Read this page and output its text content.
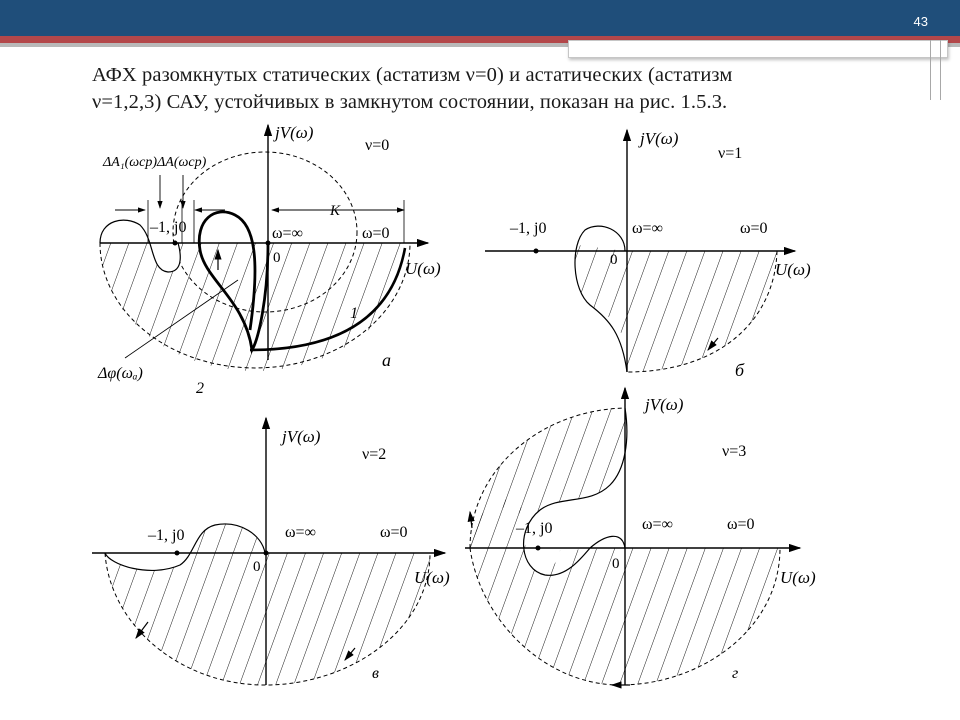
43
АФХ разомкнутых статических (астатизм ν=0) и астатических (астатизм
ν=1,2,3) САУ, устойчивых в замкнутом состоянии, показан на рис. 1.5.3.
jV(ω)
ν=0
ΔA₁(ωcp)ΔA(ωcp)
K
–1, j0	ω=∞	ω=0
0
U(ω)
1
Δφ(ωₐ)
2
а
jV(ω)
ν=1
–1, j0	ω=∞	ω=0
0	U(ω)
б
jV(ω)
ν=2
–1, j0	ω=∞	ω=0
0
U(ω)
в
jV(ω)
ν=3
–1, j0	ω=∞	ω=0
0
U(ω)
г
